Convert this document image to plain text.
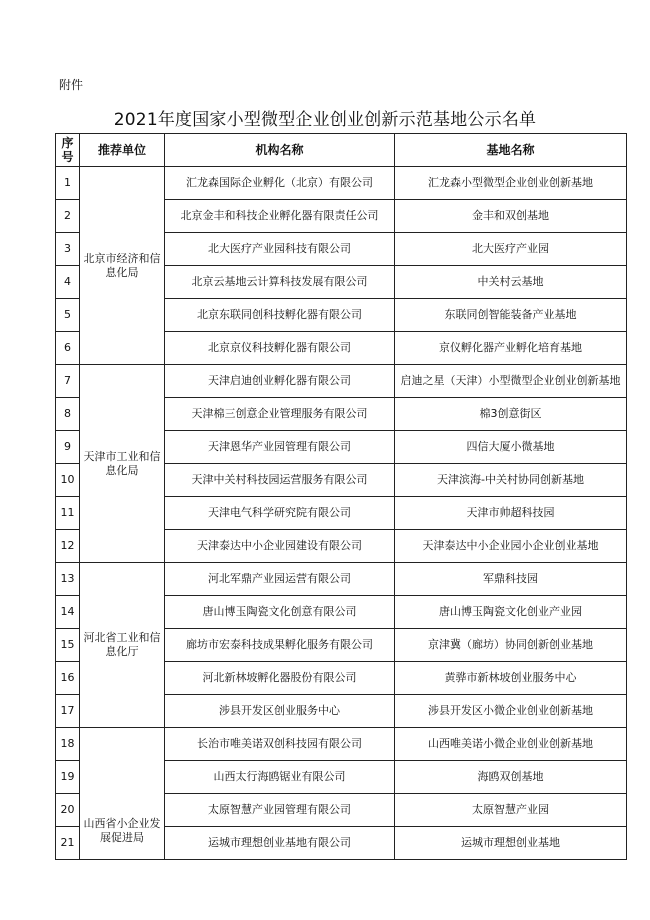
附件
2021年度国家小型微型企业创业创新示范基地公示名单
序号	推荐单位	机构名称	基地名称
1	北京市经济和信息化局	汇龙森国际企业孵化（北京）有限公司	汇龙森小型微型企业创业创新基地
2		北京金丰和科技企业孵化器有限责任公司	金丰和双创基地
3		北大医疗产业园科技有限公司	北大医疗产业园
4		北京云基地云计算科技发展有限公司	中关村云基地
5		北京东联同创科技孵化器有限公司	东联同创智能装备产业基地
6		北京京仪科技孵化器有限公司	京仪孵化器产业孵化培育基地
7	天津市工业和信息化局	天津启迪创业孵化器有限公司	启迪之星（天津）小型微型企业创业创新基地
8		天津棉三创意企业管理服务有限公司	棉3创意街区
9		天津恩华产业园管理有限公司	四信大厦小微基地
10		天津中关村科技园运营服务有限公司	天津滨海-中关村协同创新基地
11		天津电气科学研究院有限公司	天津市帅超科技园
12		天津泰达中小企业园建设有限公司	天津泰达中小企业园小企业创业基地
13	河北省工业和信息化厅	河北军鼎产业园运营有限公司	军鼎科技园
14		唐山博玉陶瓷文化创意有限公司	唐山博玉陶瓷文化创业产业园
15		廊坊市宏泰科技成果孵化服务有限公司	京津冀（廊坊）协同创新创业基地
16		河北新林坡孵化器股份有限公司	黄骅市新林坡创业服务中心
17		涉县开发区创业服务中心	涉县开发区小微企业创业创新基地
18	山西省小企业发展促进局	长治市唯美诺双创科技园有限公司	山西唯美诺小微企业创业创新基地
19		山西太行海鸥锯业有限公司	海鸥双创基地
20		太原智慧产业园管理有限公司	太原智慧产业园
21		运城市理想创业基地有限公司	运城市理想创业基地
